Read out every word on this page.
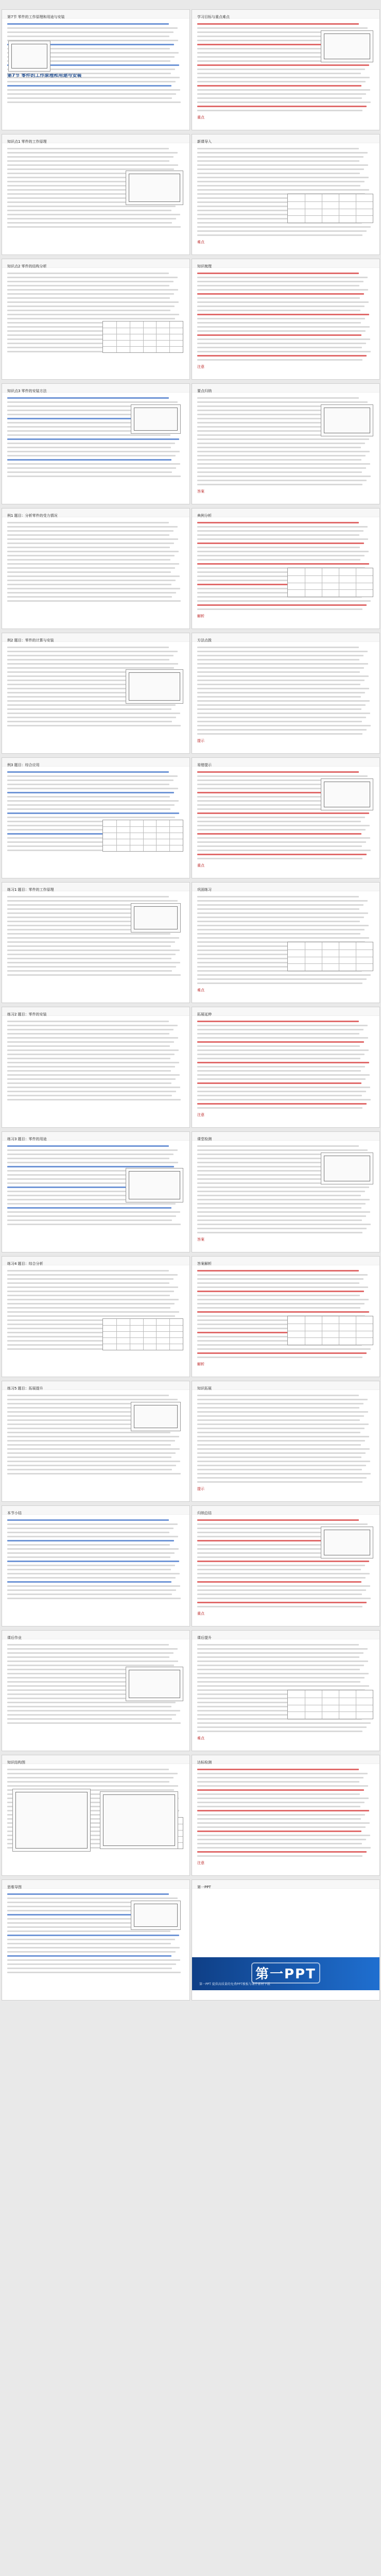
第7节 零件的工作原理和用途与安装
第7节 零件的工作原理和用途与安装
学习目标与重点难点
重点
知识点1 零件的工作原理	新课导入
难点
知识点2 零件的结构分析	知识梳理
注意
知识点3 零件的安装方法	要点归纳
答案
例1 题目：分析零件的受力情况	典例分析
解析
例2 题目：零件的计算与安装	方法点拨
提示
例3 题目：综合应用	易错提示
重点
练习1 题目：零件的工作原理	巩固练习
难点
练习2 题目：零件的安装	拓展延伸
注意
练习3 题目：零件的用途	课堂检测
答案
练习4 题目：综合分析	答案解析
解析
练习5 题目：拓展提升	知识拓展
提示
本节小结	归纳总结
重点
课后作业	课后提升
难点
知识结构图	达标检测
注意
思维导图	第一PPT
第一PPT
第一PPT 提供高质量的免费PPT模板与课件素材下载
